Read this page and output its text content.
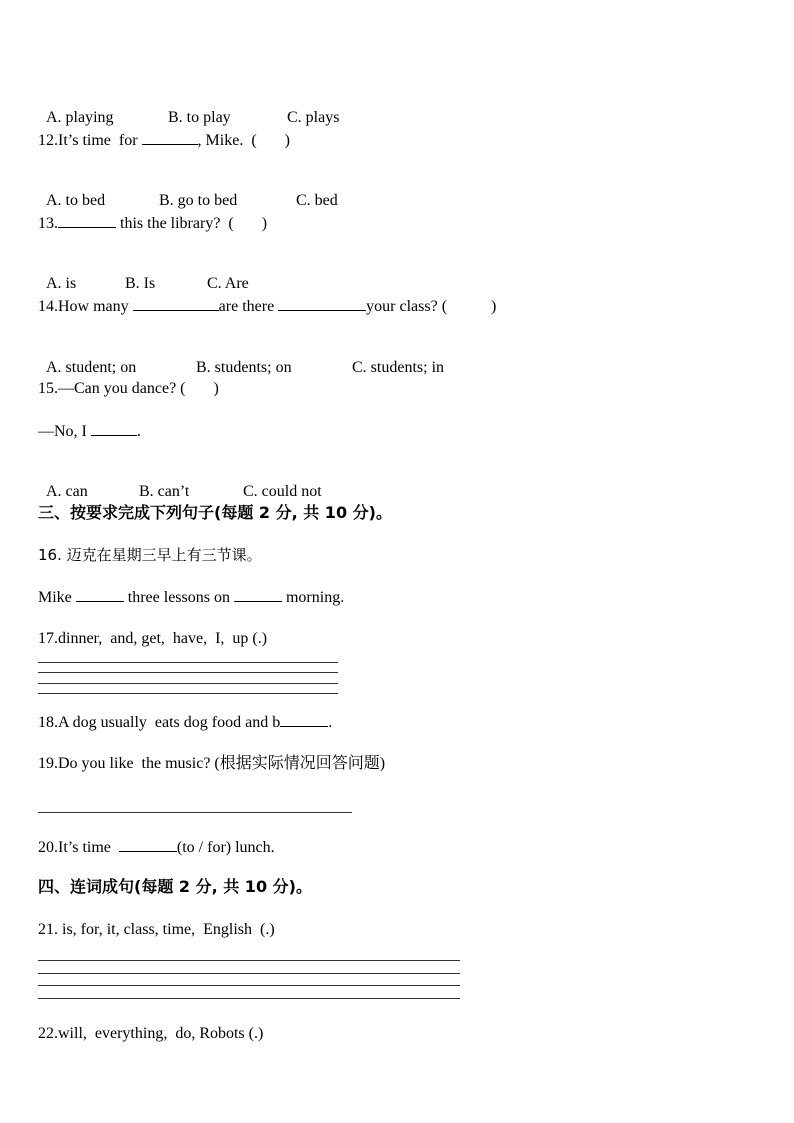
A. playing	B. to play	C. plays

12.It’s time  for	, Mike.  (       )

A. to bed	B. go to bed	C. bed

13.	this the library?  (       )

A. is	B. Is	C. Are

14.How many	are there	your class? (           )

A. student; on	B. students; on	C. students; in

15.—Can you dance? (       )
—No, I	.

A. can	B. can’t	C. could not

三、按要求完成下列句子(每题 2 分, 共 10 分)。
16. 迈克在星期三早上有三节课。
Mike	three lessons on	morning.
17.dinner,  and, get,  have,  I,  up (.)
18.A dog usually  eats dog food and b	.
19.Do you like  the music? (根据实际情况回答问题)
20.It’s time	(to / for) lunch.
四、连词成句(每题 2 分, 共 10 分)。
21. is, for, it, class, time,  English  (.)
22.will,  everything,  do, Robots (.)
